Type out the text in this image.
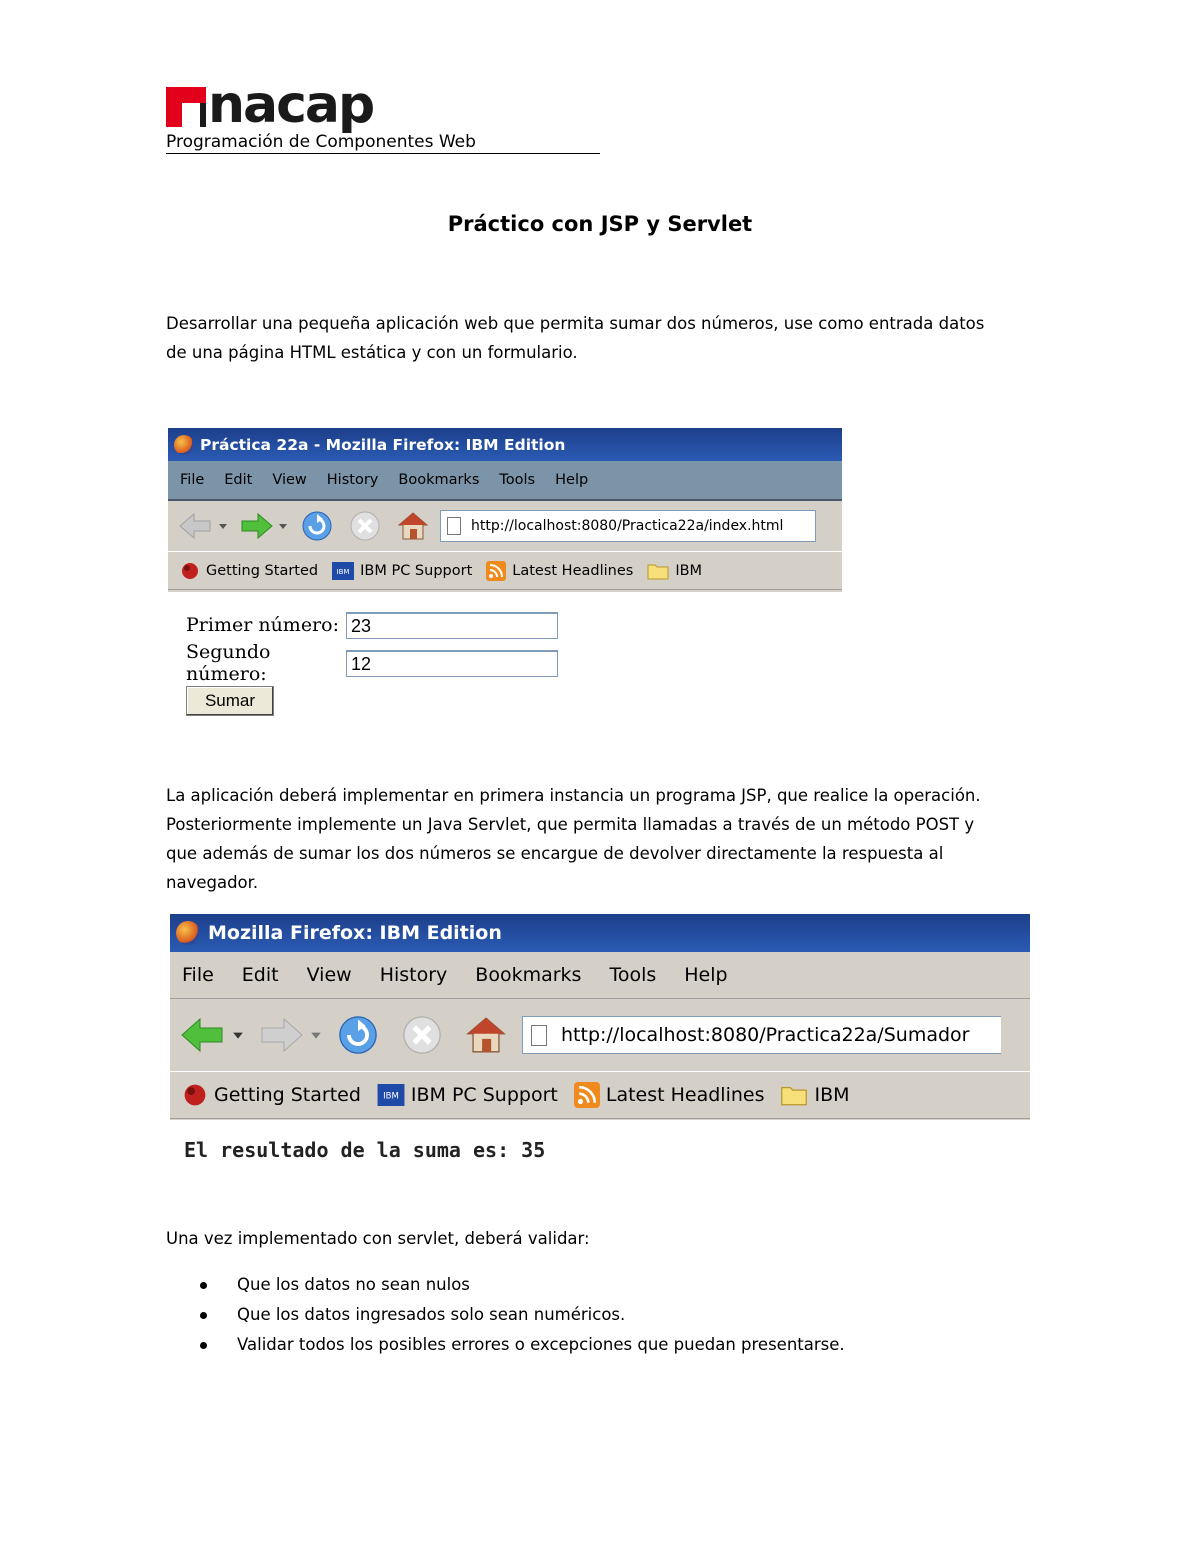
nacap
Programación de Componentes Web
Práctico con JSP y Servlet
Desarrollar una pequeña aplicación web que permita sumar dos números, use como entrada datos
de una página HTML estática y con un formulario.
Práctica 22a - Mozilla Firefox: IBM Edition
File Edit View History Bookmarks Tools Help
http://localhost:8080/Practica22a/index.html
Getting Started	IBM IBM PC Support	Latest Headlines	IBM
Primer número: 23
Segundo número:	12
Sumar
La aplicación deberá implementar en primera instancia un programa JSP, que realice la operación.
Posteriormente implemente un Java Servlet, que permita llamadas a través de un método POST y
que además de sumar los dos números se encargue de devolver directamente la respuesta al
navegador.
Mozilla Firefox: IBM Edition
File Edit View History Bookmarks Tools Help
http://localhost:8080/Practica22a/Sumador
Getting Started	IBM IBM PC Support	Latest Headlines	IBM
El resultado de la suma es: 35
Una vez implementado con servlet, deberá validar:
Que los datos no sean nulos
Que los datos ingresados solo sean numéricos.
Validar todos los posibles errores o excepciones que puedan presentarse.
